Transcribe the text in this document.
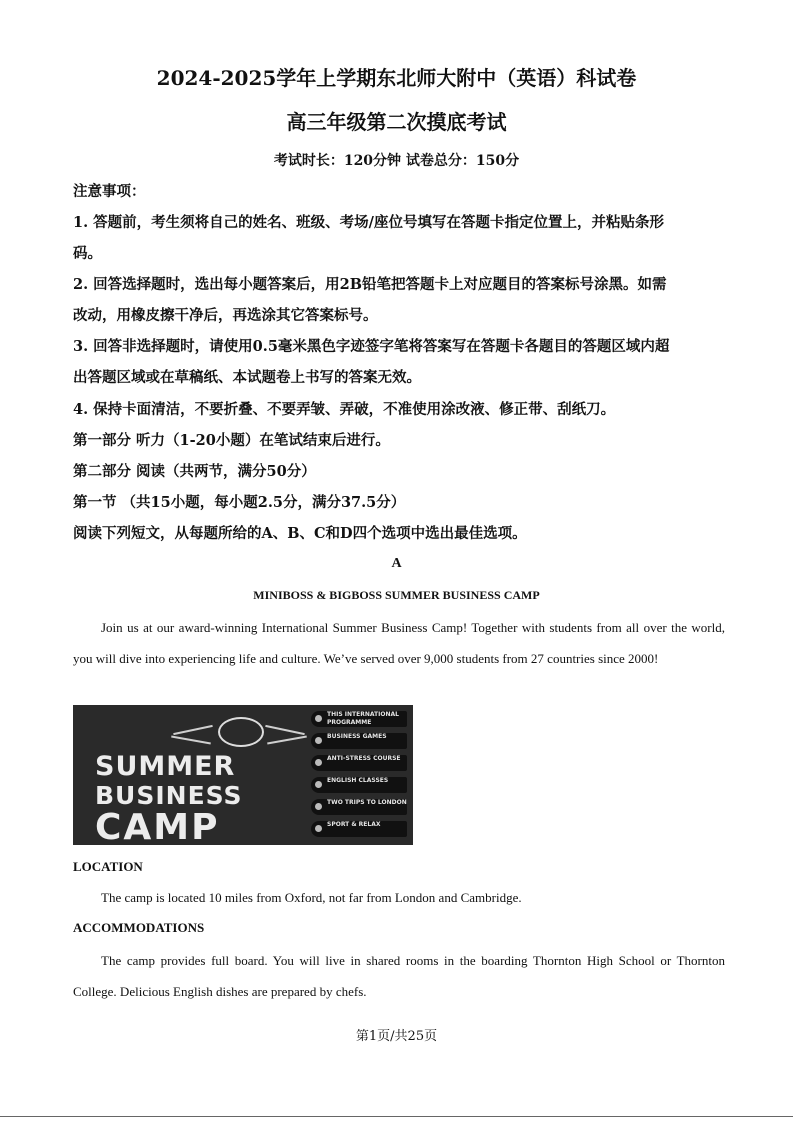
2024-2025学年上学期东北师大附中（英语）科试卷
高三年级第二次摸底考试
考试时长：120分钟 试卷总分：150分
注意事项：
1. 答题前，考生须将自己的姓名、班级、考场/座位号填写在答题卡指定位置上，并粘贴条形
码。
2. 回答选择题时，选出每小题答案后，用2B铅笔把答题卡上对应题目的答案标号涂黑。如需
改动，用橡皮擦干净后，再选涂其它答案标号。
3. 回答非选择题时，请使用0.5毫米黑色字迹签字笔将答案写在答题卡各题目的答题区域内超
出答题区域或在草稿纸、本试题卷上书写的答案无效。
4. 保持卡面清洁，不要折叠、不要弄皱、弄破，不准使用涂改液、修正带、刮纸刀。
第一部分 听力（1-20小题）在笔试结束后进行。
第二部分 阅读（共两节，满分50分）
第一节 （共15小题，每小题2.5分，满分37.5分）
阅读下列短文，从每题所给的A、B、C和D四个选项中选出最佳选项。
A
MINIBOSS & BIGBOSS SUMMER BUSINESS CAMP
Join us at our award-winning International Summer Business Camp! Together with students from all over the world, you will dive into experiencing life and culture. We’ve served over 9,000 students from 27 countries since 2000!
SUMMER
BUSINESS
CAMP
THIS INTERNATIONAL PROGRAMME
BUSINESS GAMES
ANTI-STRESS COURSE
ENGLISH CLASSES
TWO TRIPS TO LONDON
SPORT & RELAX
LOCATION
The camp is located 10 miles from Oxford, not far from London and Cambridge.
ACCOMMODATIONS
The camp provides full board. You will live in shared rooms in the boarding Thornton High School or Thornton College. Delicious English dishes are prepared by chefs.
第1页/共25页
